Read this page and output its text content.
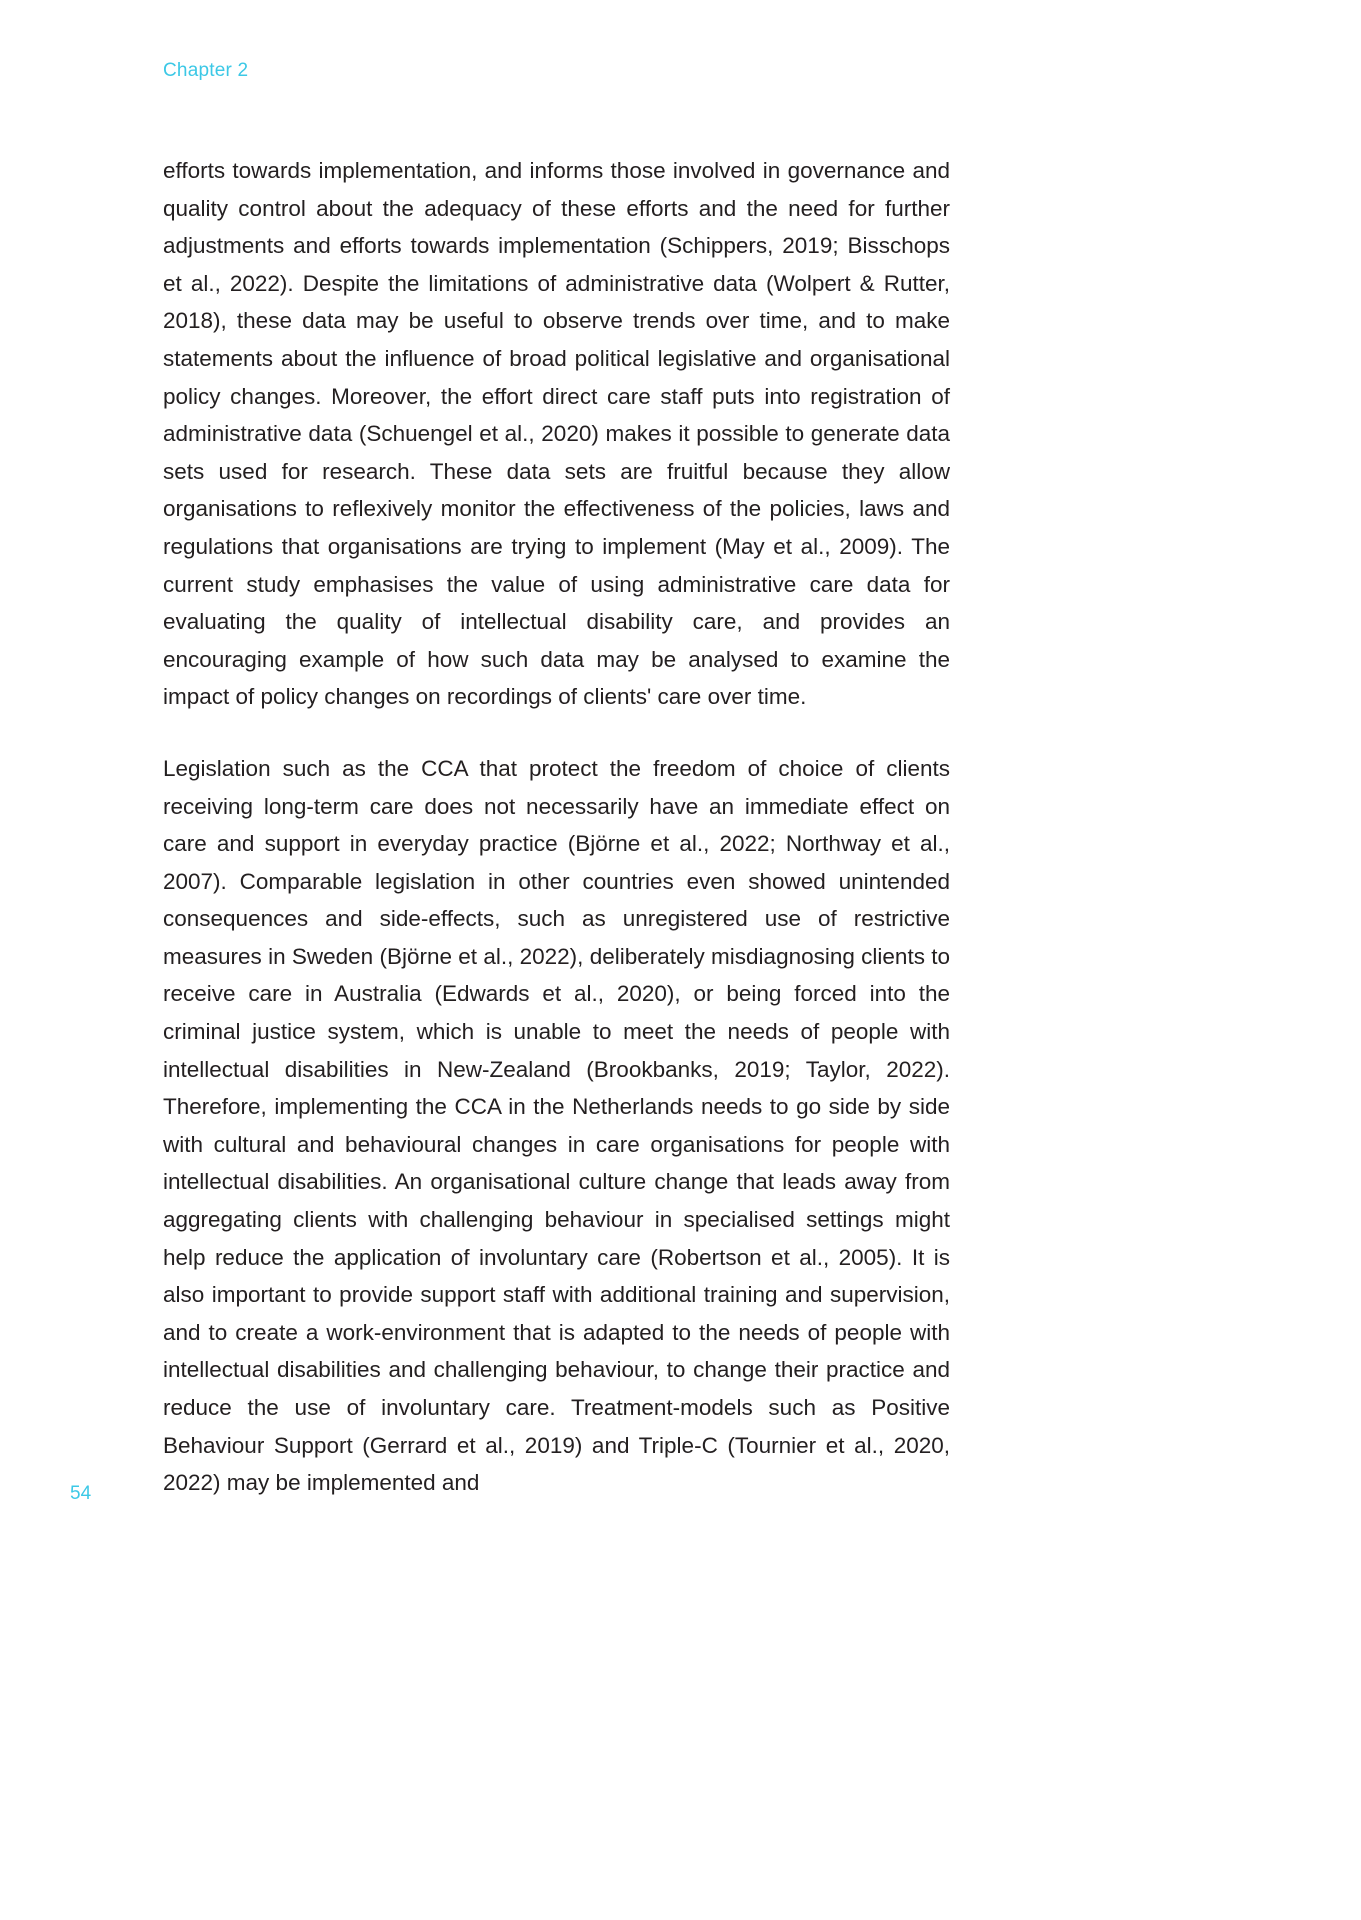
Chapter 2

efforts towards implementation, and informs those involved in governance and quality control about the adequacy of these efforts and the need for further adjustments and efforts towards implementation (Schippers, 2019; Bisschops et al., 2022). Despite the limitations of administrative data (Wolpert & Rutter, 2018), these data may be useful to observe trends over time, and to make statements about the influence of broad political legislative and organisational policy changes. Moreover, the effort direct care staff puts into registration of administrative data (Schuengel et al., 2020) makes it possible to generate data sets used for research. These data sets are fruitful because they allow organisations to reflexively monitor the effectiveness of the policies, laws and regulations that organisations are trying to implement (May et al., 2009). The current study emphasises the value of using administrative care data for evaluating the quality of intellectual disability care, and provides an encouraging example of how such data may be analysed to examine the impact of policy changes on recordings of clients' care over time.

Legislation such as the CCA that protect the freedom of choice of clients receiving long-term care does not necessarily have an immediate effect on care and support in everyday practice (Björne et al., 2022; Northway et al., 2007). Comparable legislation in other countries even showed unintended consequences and side-effects, such as unregistered use of restrictive measures in Sweden (Björne et al., 2022), deliberately misdiagnosing clients to receive care in Australia (Edwards et al., 2020), or being forced into the criminal justice system, which is unable to meet the needs of people with intellectual disabilities in New-Zealand (Brookbanks, 2019; Taylor, 2022). Therefore, implementing the CCA in the Netherlands needs to go side by side with cultural and behavioural changes in care organisations for people with intellectual disabilities. An organisational culture change that leads away from aggregating clients with challenging behaviour in specialised settings might help reduce the application of involuntary care (Robertson et al., 2005). It is also important to provide support staff with additional training and supervision, and to create a work-environment that is adapted to the needs of people with intellectual disabilities and challenging behaviour, to change their practice and reduce the use of involuntary care. Treatment-models such as Positive Behaviour Support (Gerrard et al., 2019) and Triple-C (Tournier et al., 2020, 2022) may be implemented and

54
